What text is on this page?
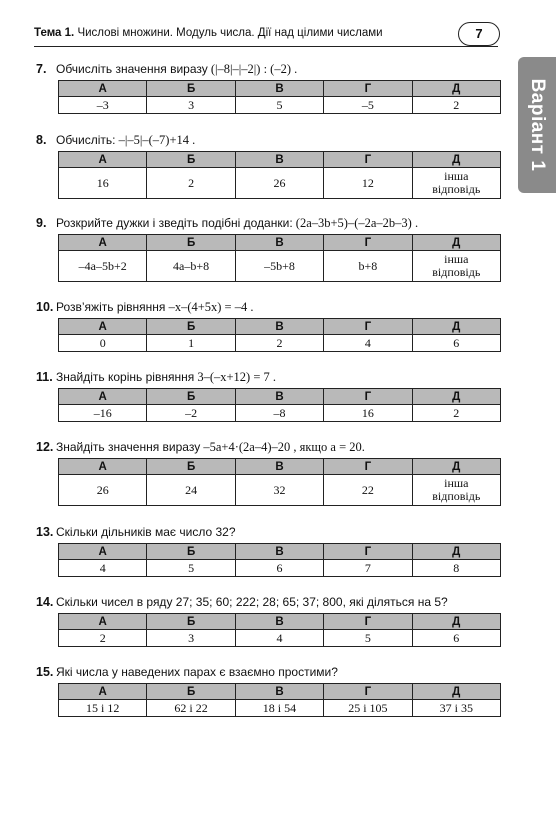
Тема 1. Числові множини. Модуль числа. Дії над цілими числами	7
Варіант 1
7. Обчисліть значення виразу (|–8|–|–2|) : (–2) .
А	Б	В	Г	Д
–3	3	5	–5	2
8. Обчисліть: –|–5|–(–7)+14 .
А	Б	В	Г	Д
16	2	26	12	інша
відповідь
9. Розкрийте дужки і зведіть подібні доданки: (2a–3b+5)–(–2a–2b–3) .
А	Б	В	Г	Д
–4a–5b+2	4a–b+8	–5b+8	b+8	інша
відповідь
10. Розв’яжіть рівняння –x–(4+5x) = –4 .
А	Б	В	Г	Д
0	1	2	4	6
11. Знайдіть корінь рівняння 3–(–x+12) = 7 .
А	Б	В	Г	Д
–16	–2	–8	16	2
12. Знайдіть значення виразу –5a+4·(2a–4)–20 , якщо a = 20.
А	Б	В	Г	Д
26	24	32	22	інша
відповідь
13. Скільки дільників має число 32?
А	Б	В	Г	Д
4	5	6	7	8
14. Скільки чисел в ряду 27; 35; 60; 222; 28; 65; 37; 800, які діляться на 5?
А	Б	В	Г	Д
2	3	4	5	6
15. Які числа у наведених парах є взаємно простими?
А	Б	В	Г	Д
15 і 12	62 і 22	18 і 54	25 і 105	37 і 35
